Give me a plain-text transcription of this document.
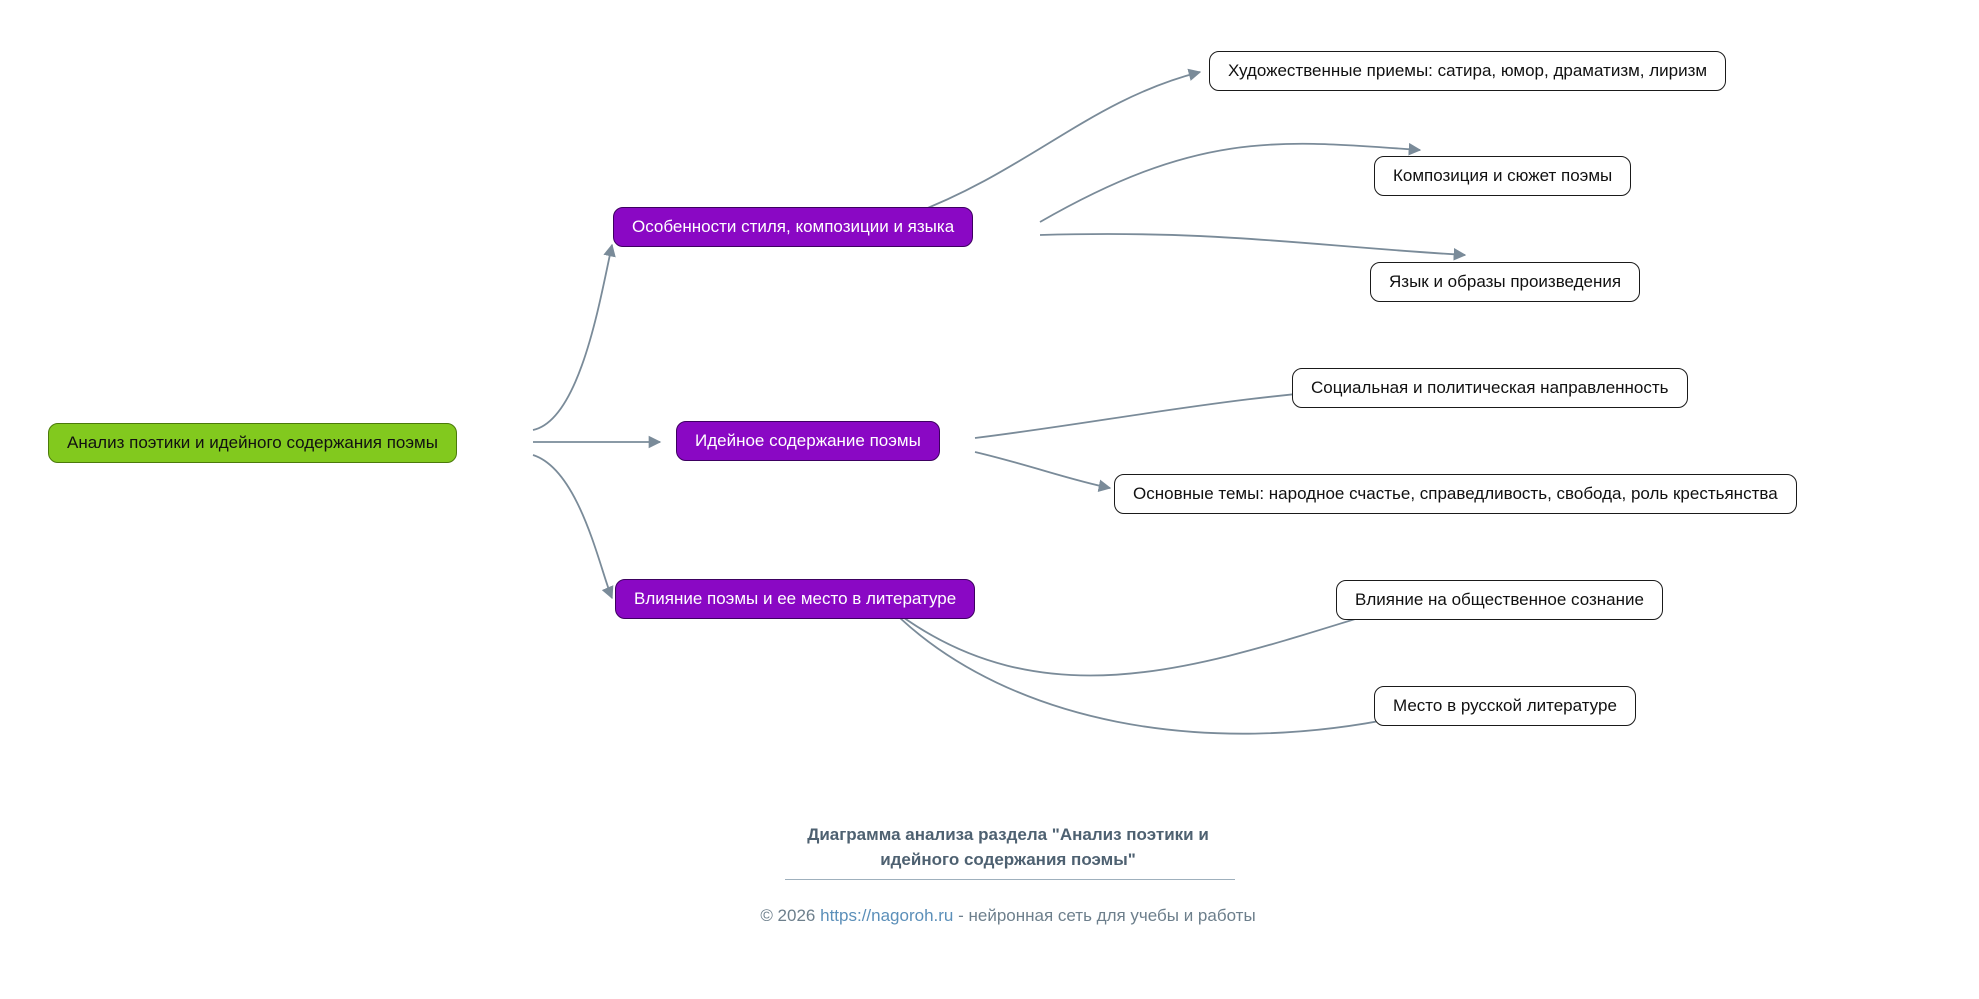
Анализ поэтики и идейного содержания поэмы
Особенности стиля, композиции и языка
Идейное содержание поэмы
Влияние поэмы и ее место в литературе
Художественные приемы: сатира, юмор, драматизм, лиризм
Композиция и сюжет поэмы
Язык и образы произведения
Социальная и политическая направленность
Основные темы: народное счастье, справедливость, свобода, роль крестьянства
Влияние на общественное сознание
Место в русской литературе
Диаграмма анализа раздела "Анализ поэтики и
идейного содержания поэмы"
© 2026 https://nagoroh.ru - нейронная сеть для учебы и работы
